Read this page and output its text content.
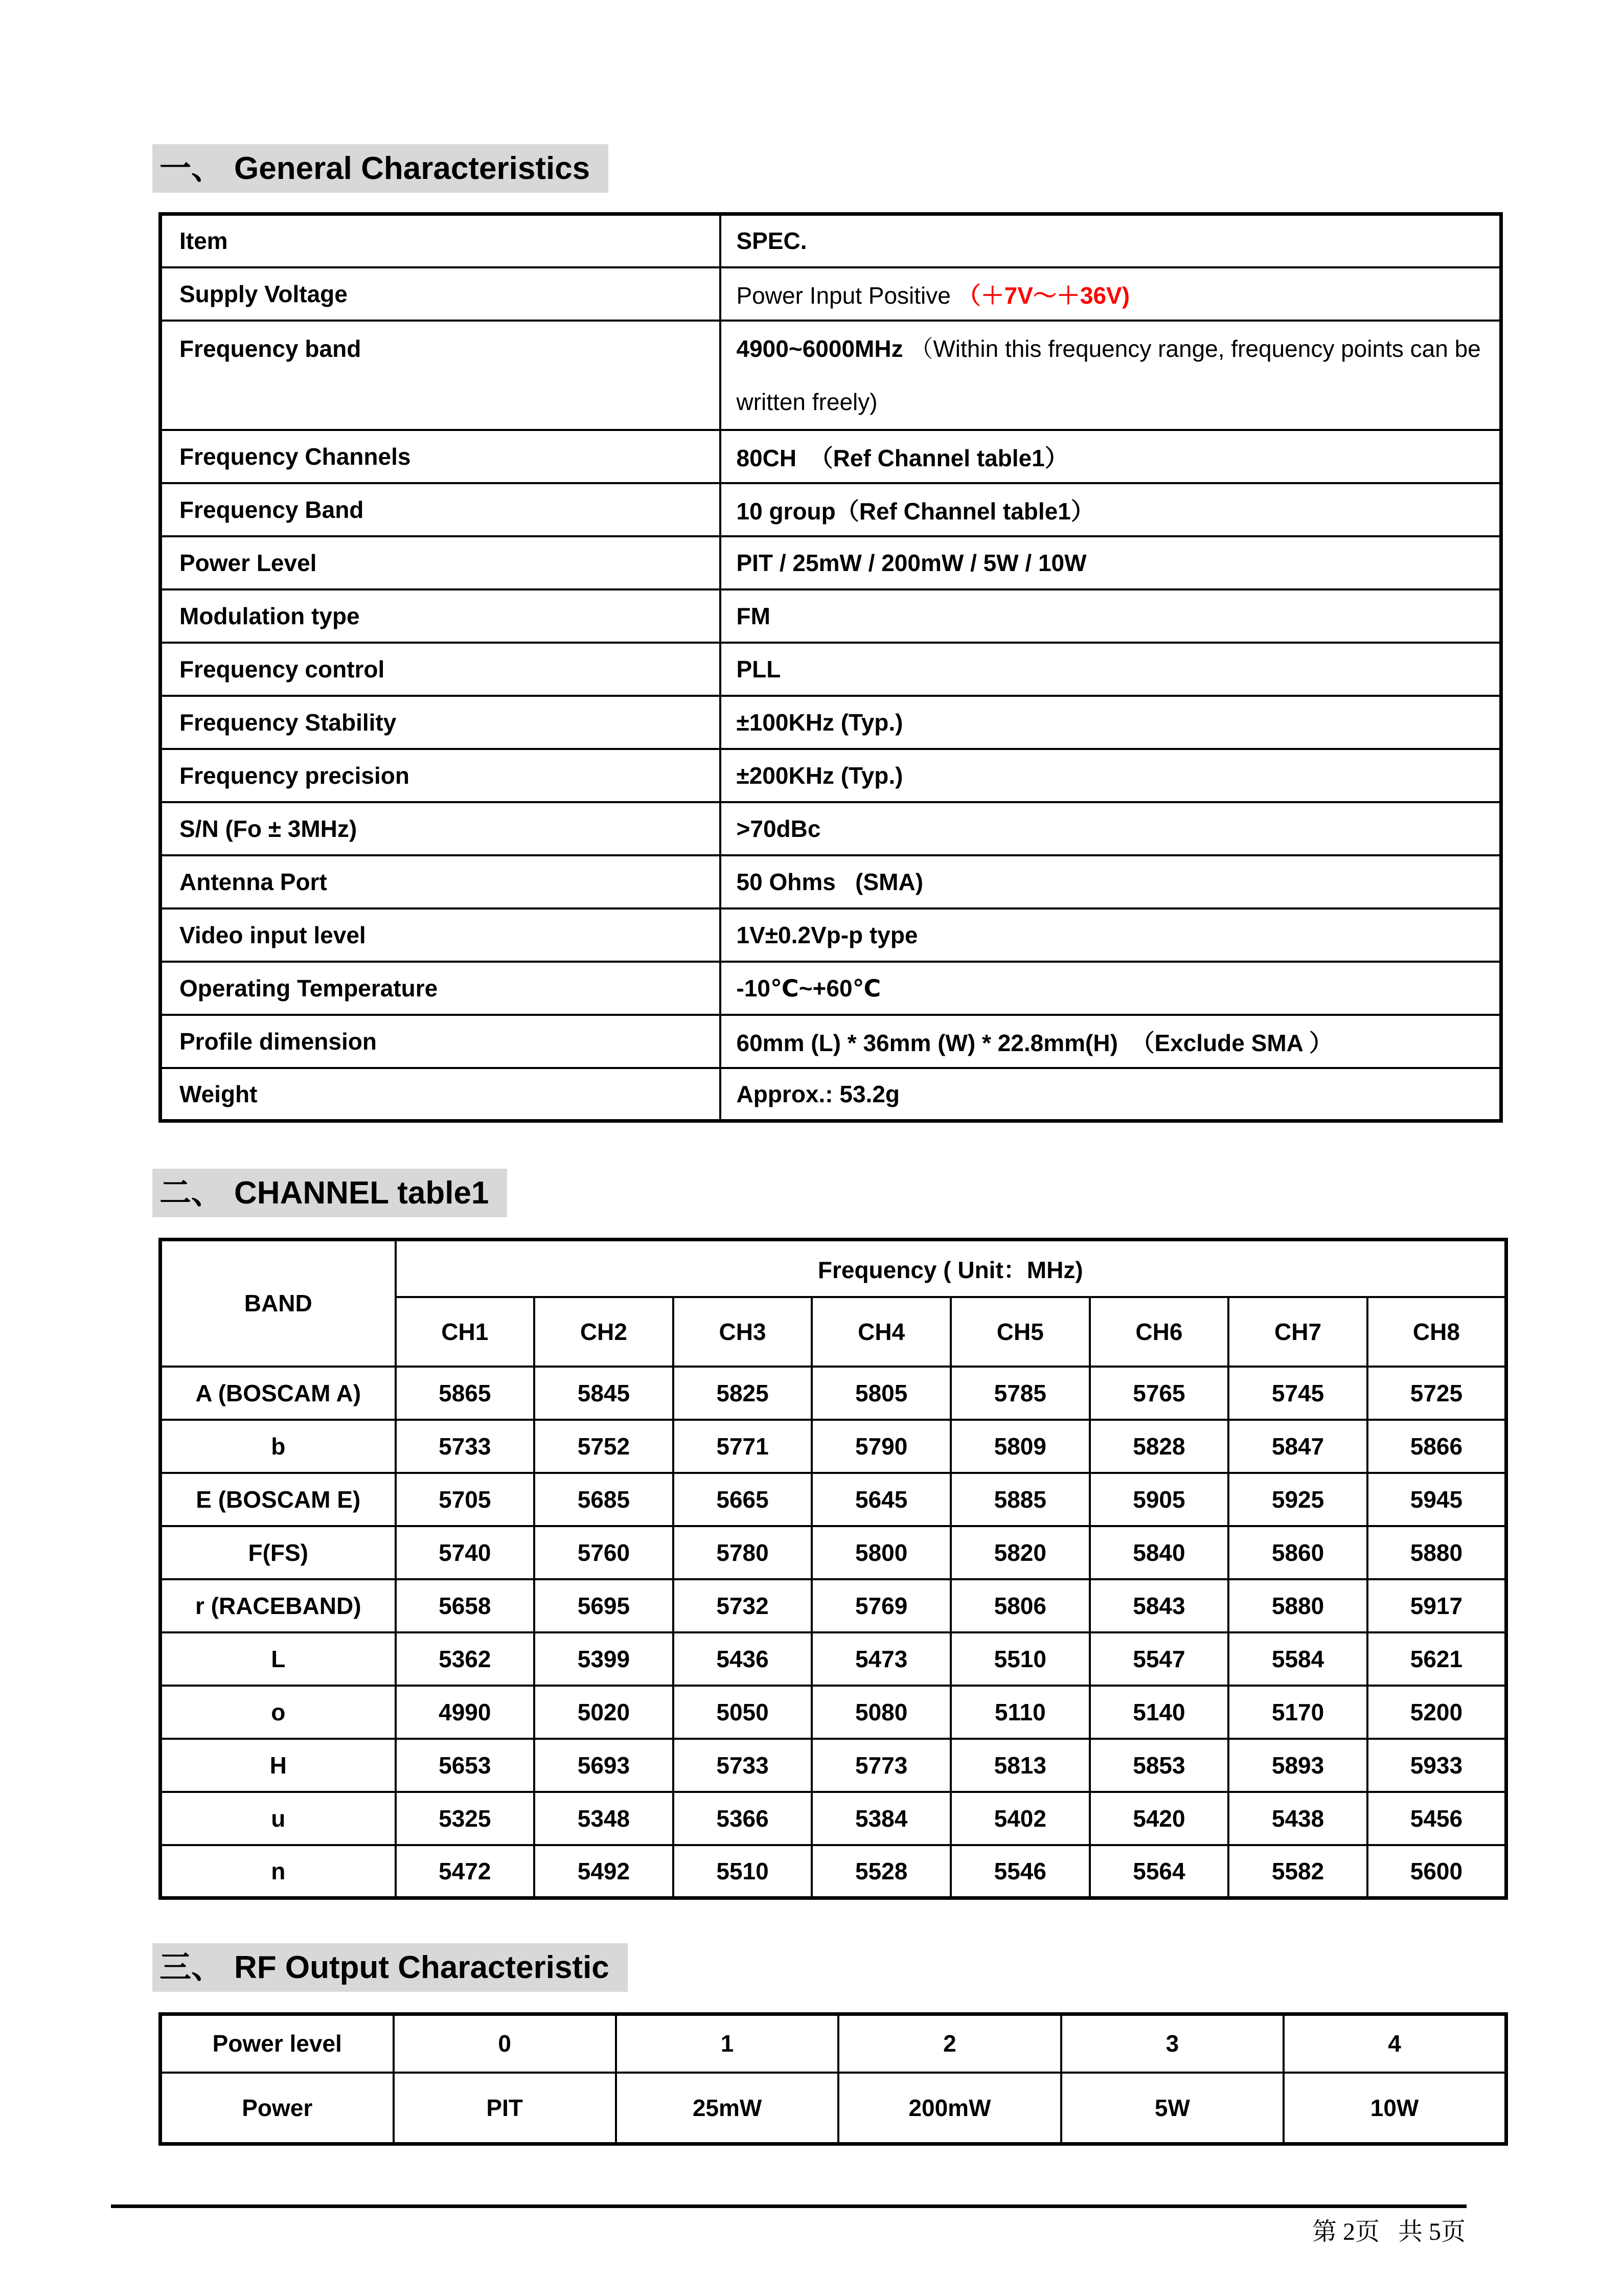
一、 General Characteristics
Item	SPEC.
Supply Voltage	Power Input Positive （＋7V～＋36V)
Frequency band	4900~6000MHz （Within this frequency range, frequency points can be written freely)
Frequency Channels	80CH  （Ref Channel table1）
Frequency Band	10 group（Ref Channel table1）
Power Level	PIT / 25mW / 200mW / 5W / 10W
Modulation type	FM
Frequency control	PLL
Frequency Stability	±100KHz (Typ.)
Frequency precision	±200KHz (Typ.)
S/N (Fo ± 3MHz)	>70dBc
Antenna Port	50 Ohms   (SMA)
Video input level	1V±0.2Vp-p type
Operating Temperature	-10℃~+60℃
Profile dimension	60mm (L) * 36mm (W) * 22.8mm(H)  （Exclude SMA ）
Weight	Approx.: 53.2g
二、 CHANNEL table1
BAND	Frequency ( Unit：MHz)							
	CH1	CH2	CH3	CH4	CH5	CH6	CH7	CH8
A (BOSCAM A)	5865	5845	5825	5805	5785	5765	5745	5725
b	5733	5752	5771	5790	5809	5828	5847	5866
E (BOSCAM E)	5705	5685	5665	5645	5885	5905	5925	5945
F(FS)	5740	5760	5780	5800	5820	5840	5860	5880
r (RACEBAND)	5658	5695	5732	5769	5806	5843	5880	5917
L	5362	5399	5436	5473	5510	5547	5584	5621
o	4990	5020	5050	5080	5110	5140	5170	5200
H	5653	5693	5733	5773	5813	5853	5893	5933
u	5325	5348	5366	5384	5402	5420	5438	5456
n	5472	5492	5510	5528	5546	5564	5582	5600
三、 RF Output Characteristic
Power level	0	1	2	3	4
Power	PIT	25mW	200mW	5W	10W
第 2页   共 5页
